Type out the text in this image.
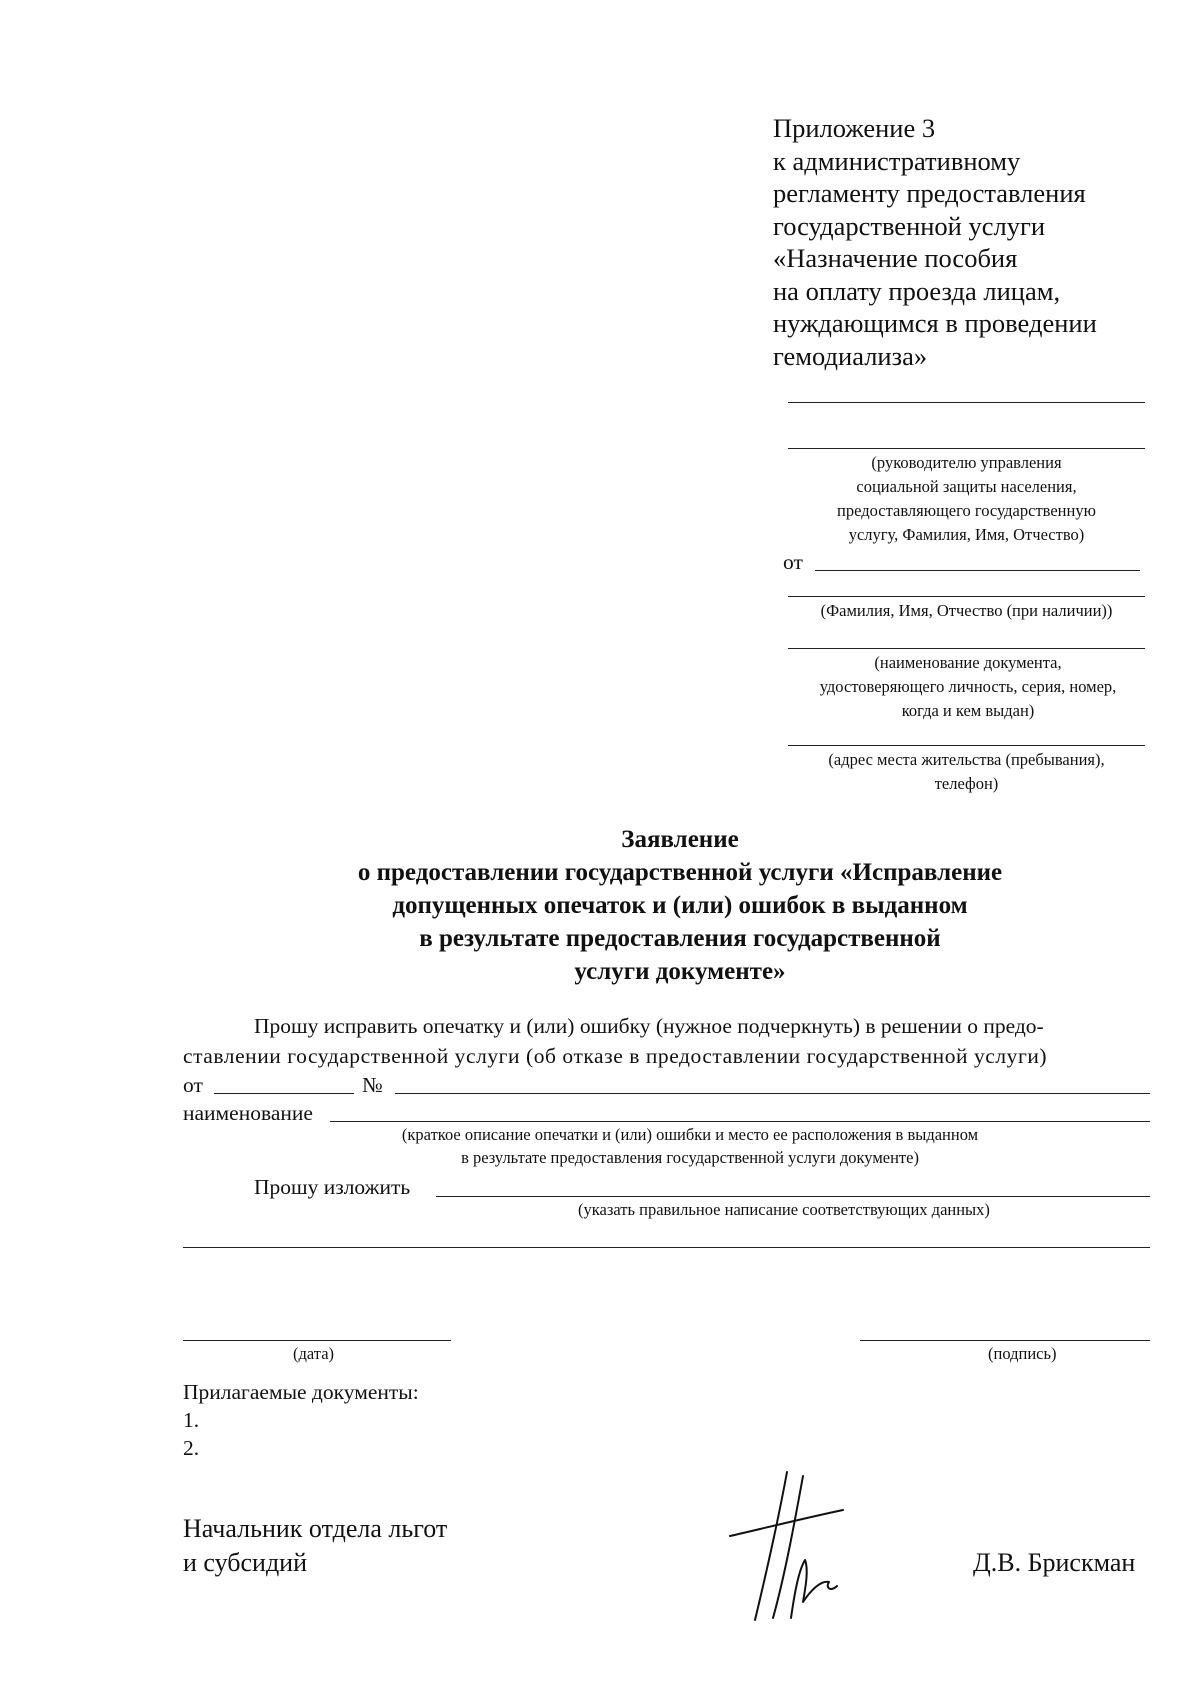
Приложение 3
к административному
регламенту предоставления
государственной услуги
«Назначение пособия
на оплату проезда лицам,
нуждающимся в проведении
гемодиализа»
(руководителю управления
социальной защиты населения,
предоставляющего государственную
услугу, Фамилия, Имя, Отчество)
от
(Фамилия, Имя, Отчество (при наличии))
(наименование документа,
удостоверяющего личность, серия, номер,
когда и кем выдан)
(адрес места жительства (пребывания),
телефон)
Заявление
о предоставлении государственной услуги «Исправление
допущенных опечаток и (или) ошибок в выданном
в результате предоставления государственной
услуги документе»
Прошу исправить опечатку и (или) ошибку (нужное подчеркнуть) в решении о предо-
ставлении государственной услуги (об отказе в предоставлении государственной услуги)
от	№
наименование
(краткое описание опечатки и (или) ошибки и место ее расположения в выданном
в результате предоставления государственной услуги документе)
Прошу изложить
(указать правильное написание соответствующих данных)
(дата)	(подпись)
Прилагаемые документы:
1.
2.
Начальник отдела льгот
и субсидий	Д.В. Брискман
